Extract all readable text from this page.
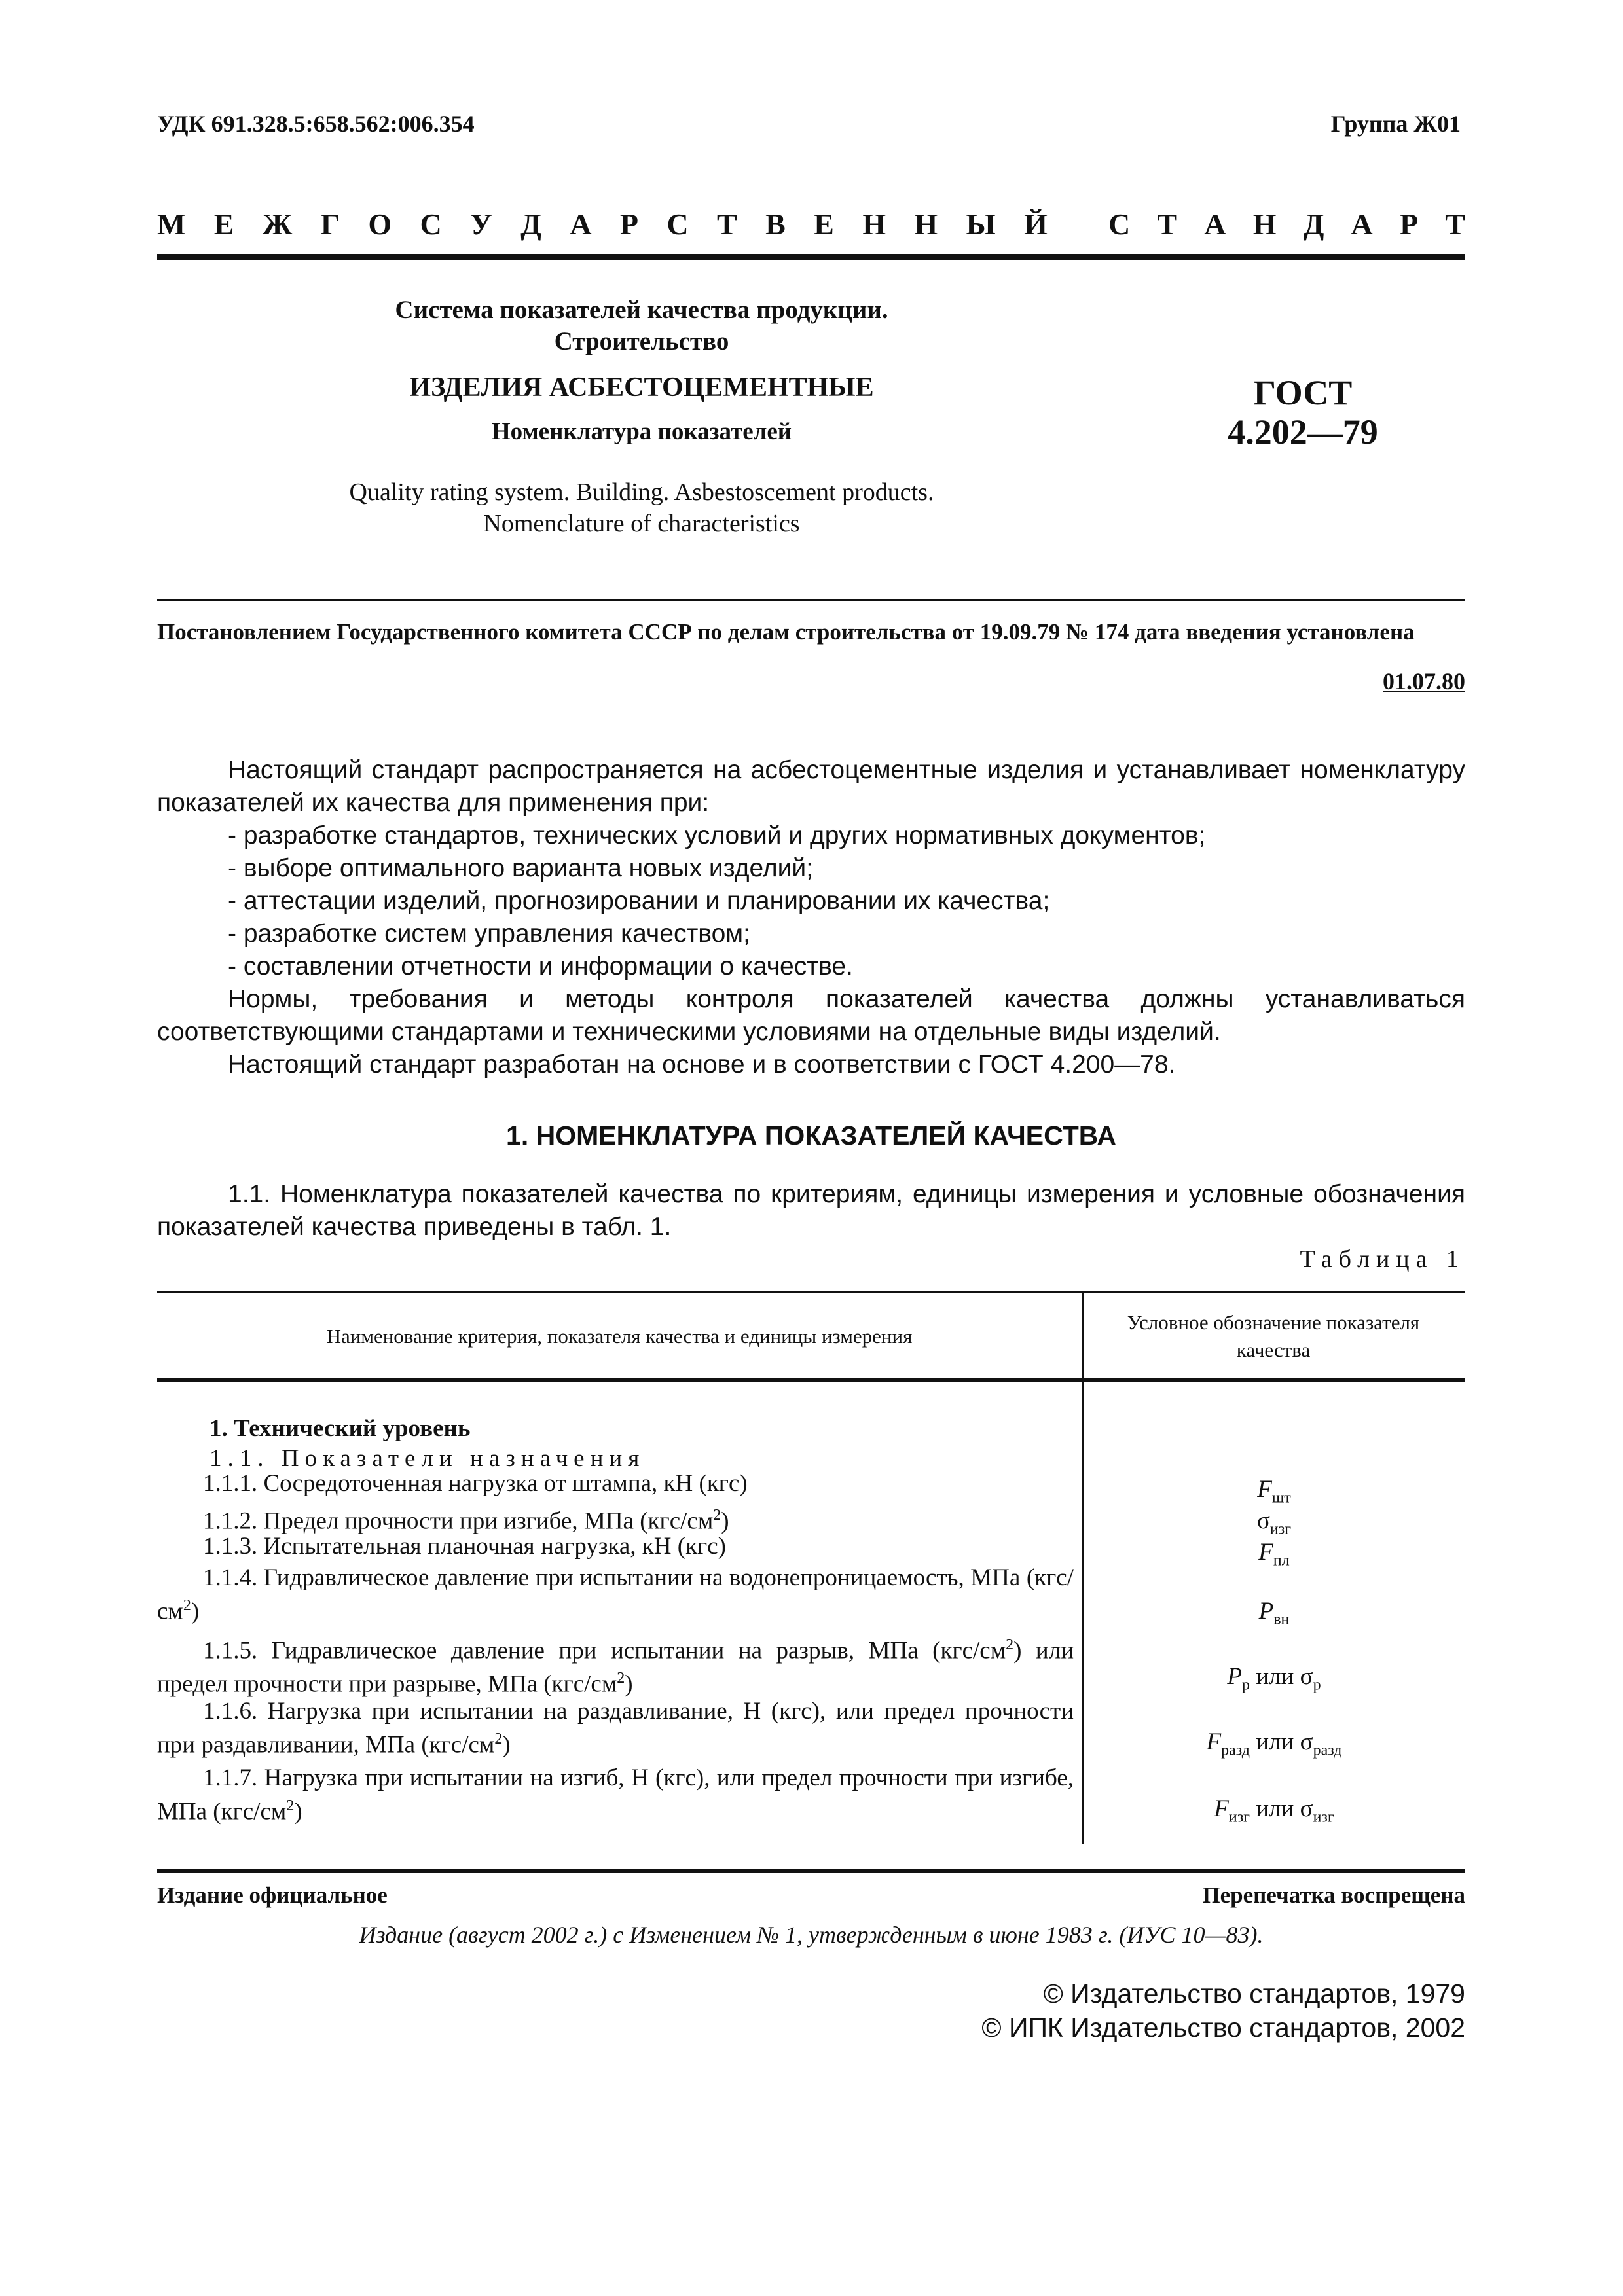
УДК 691.328.5:658.562:006.354	Группа Ж01
М Е Ж Г О С У Д А Р С Т В Е Н Н Ы Й С Т А Н Д А Р Т
Система показателей качества продукции.
Строительство
ИЗДЕЛИЯ АСБЕСТОЦЕМЕНТНЫЕ
Номенклатура показателей
ГОСТ
4.202—79
Quality rating system. Building. Asbestoscement products.
Nomenclature of characteristics
Постановлением Государственного комитета СССР по делам строительства от 19.09.79 № 174 дата введения установлена
01.07.80

Настоящий стандарт распространяется на асбестоцементные изделия и устанавливает номенклатуру показателей их качества для применения при:

- разработке стандартов, технических условий и других нормативных документов;

- выборе оптимального варианта новых изделий;

- аттестации изделий, прогнозировании и планировании их качества;

- разработке систем управления качеством;

- составлении отчетности и информации о качестве.

Нормы, требования и методы контроля показателей качества должны устанавливаться соответствующими стандартами и техническими условиями на отдельные виды изделий.

Настоящий стандарт разработан на основе и в соответствии с ГОСТ 4.200—78.

1. НОМЕНКЛАТУРА ПОКАЗАТЕЛЕЙ КАЧЕСТВА
1.1. Номенклатура показателей качества по критериям, единицы измерения и условные обозначения показателей качества приведены в табл. 1.
Таблица 1
Наименование критерия, показателя качества и единицы измерения
Условное обозначение показателя качества
1. Технический уровень
1.1. Показатели назначения
1.1.1. Сосредоточенная нагрузка от штампа, кН (кгс)	$F_{шт}$
1.1.2. Предел прочности при изгибе, МПа $(кгс/см^2)$	$\sigma_{изг}$
1.1.3. Испытательная планочная нагрузка, кН (кгс)	$F_{пл}$
1.1.4. Гидравлическое давление при испытании на водонепроницаемость, МПа $(кгс/см^2)$	$P_{вн}$
1.1.5. Гидравлическое давление при испытании на разрыв, МПа $(кгс/см^2)$ или предел прочности при разрыве, МПа $(кгс/см^2)$	$P_р$ или $\sigma_р$
1.1.6. Нагрузка при испытании на раздавливание, Н (кгс), или предел прочности при раздавливании, МПа $(кгс/см^2)$	$F_{разд}$ или $\sigma_{разд}$
1.1.7. Нагрузка при испытании на изгиб, Н (кгс), или предел прочности при изгибе, МПа $(кгс/см^2)$	$F_{изг}$ или $\sigma_{изг}$
Издание официальное	Перепечатка воспрещена
Издание (август 2002 г.) с Изменением № 1, утвержденным в июне 1983 г. (ИУС 10—83).
© Издательство стандартов, 1979
© ИПК Издательство стандартов, 2002
